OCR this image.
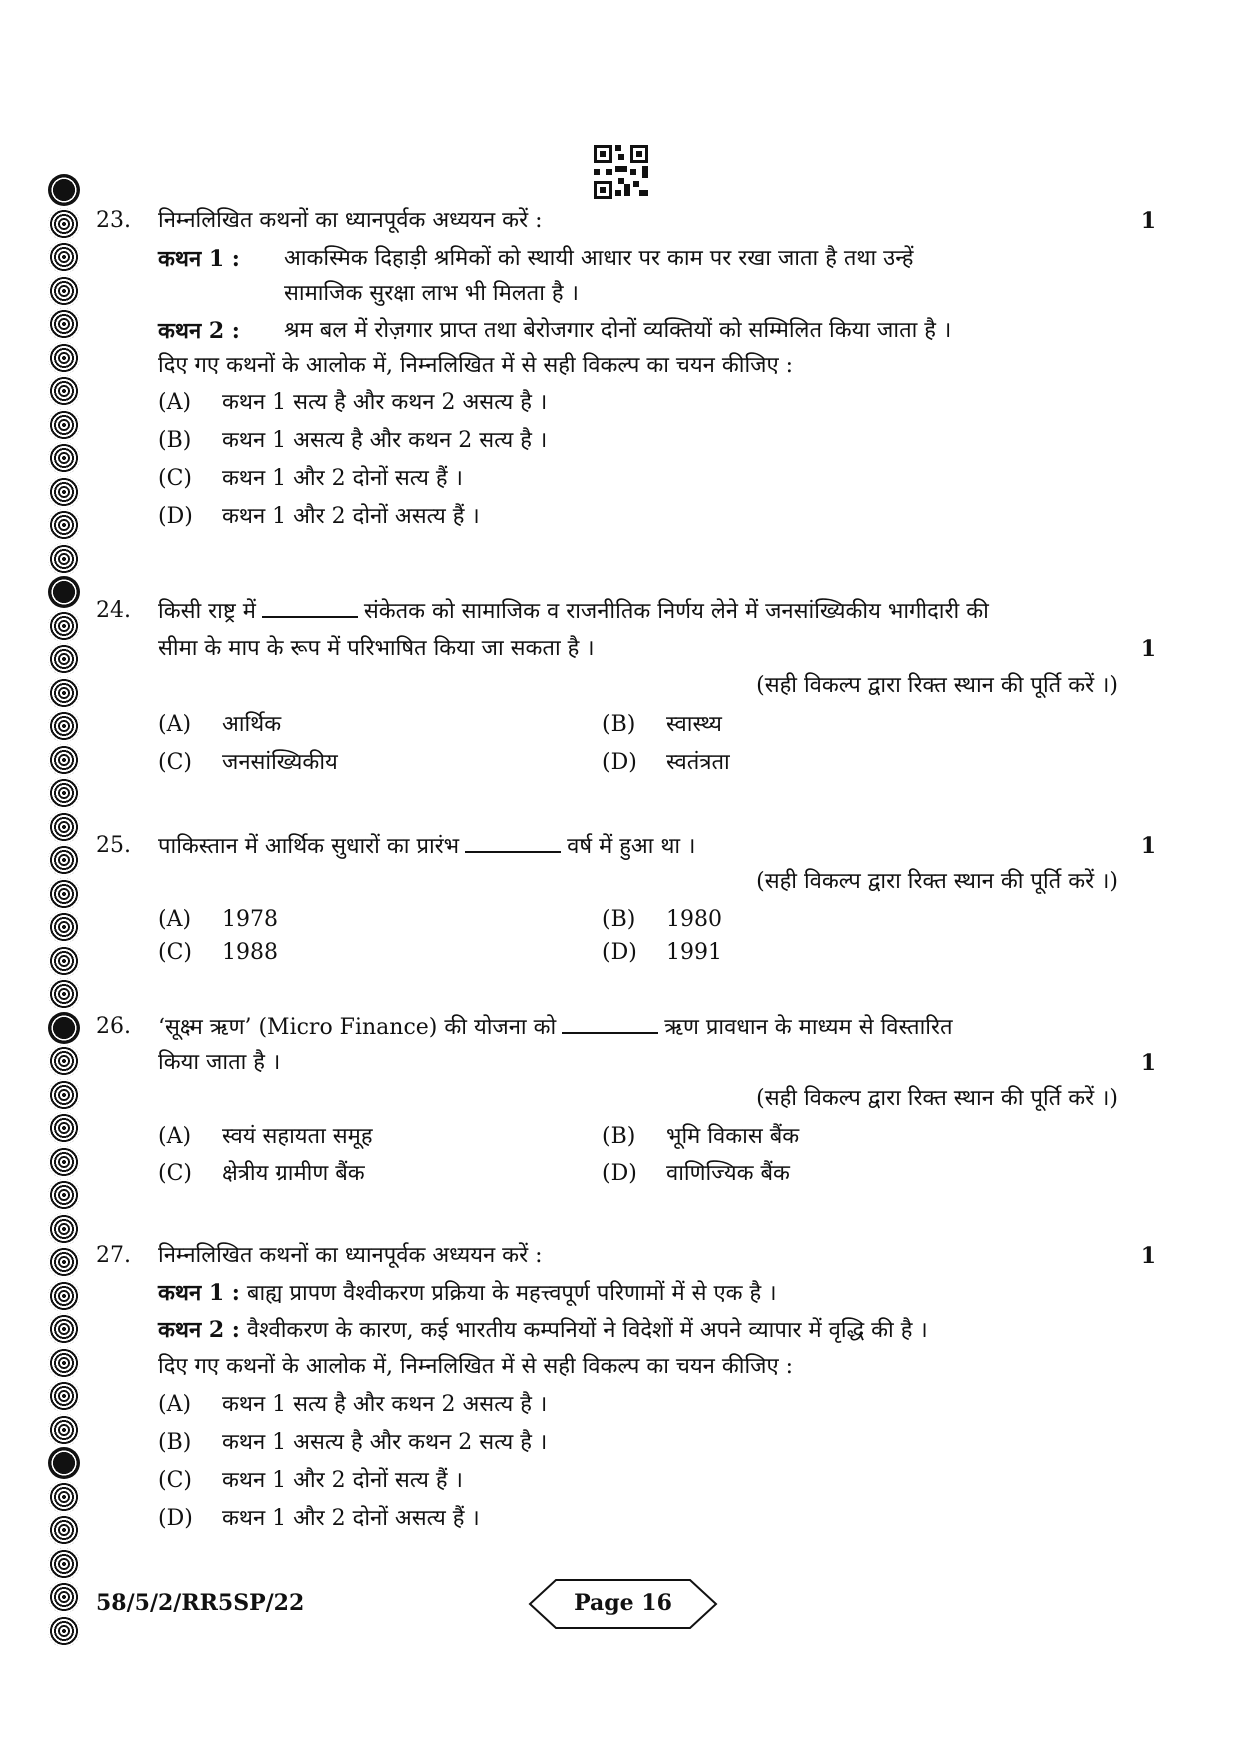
23.	निम्नलिखित कथनों का ध्यानपूर्वक अध्ययन करें :	1
कथन 1 : आकस्मिक दिहाड़ी श्रमिकों को स्थायी आधार पर काम पर रखा जाता है तथा उन्हें
सामाजिक सुरक्षा लाभ भी मिलता है ।
कथन 2 : श्रम बल में रोज़गार प्राप्त तथा बेरोजगार दोनों व्यक्तियों को सम्मिलित किया जाता है ।
दिए गए कथनों के आलोक में, निम्नलिखित में से सही विकल्प का चयन कीजिए :
(A) कथन 1 सत्य है और कथन 2 असत्य है ।
(B) कथन 1 असत्य है और कथन 2 सत्य है ।
(C) कथन 1 और 2 दोनों सत्य हैं ।
(D) कथन 1 और 2 दोनों असत्य हैं ।
24.	किसी राष्ट्र में	संकेतक को सामाजिक व राजनीतिक निर्णय लेने में जनसांख्यिकीय भागीदारी की
सीमा के माप के रूप में परिभाषित किया जा सकता है ।	1
(सही विकल्प द्वारा रिक्त स्थान की पूर्ति करें ।)
(A) आर्थिक	(B) स्वास्थ्य
(C) जनसांख्यिकीय	(D) स्वतंत्रता
25.	पाकिस्तान में आर्थिक सुधारों का प्रारंभ	वर्ष में हुआ था ।	1
(सही विकल्प द्वारा रिक्त स्थान की पूर्ति करें ।)
(A) 1978	(B) 1980
(C) 1988	(D) 1991
26.	‘सूक्ष्म ऋण’ (Micro Finance) की योजना को	ऋण प्रावधान के माध्यम से विस्तारित
किया जाता है ।	1
(सही विकल्प द्वारा रिक्त स्थान की पूर्ति करें ।)
(A) स्वयं सहायता समूह	(B) भूमि विकास बैंक
(C) क्षेत्रीय ग्रामीण बैंक	(D) वाणिज्यिक बैंक
27.	निम्नलिखित कथनों का ध्यानपूर्वक अध्ययन करें :	1
कथन 1 : बाह्य प्रापण वैश्वीकरण प्रक्रिया के महत्त्वपूर्ण परिणामों में से एक है ।
कथन 2 : वैश्वीकरण के कारण, कई भारतीय कम्पनियों ने विदेशों में अपने व्यापार में वृद्धि की है ।
दिए गए कथनों के आलोक में, निम्नलिखित में से सही विकल्प का चयन कीजिए :
(A) कथन 1 सत्य है और कथन 2 असत्य है ।
(B) कथन 1 असत्य है और कथन 2 सत्य है ।
(C) कथन 1 और 2 दोनों सत्य हैं ।
(D) कथन 1 और 2 दोनों असत्य हैं ।
58/5/2/RR5SP/22	Page 16
